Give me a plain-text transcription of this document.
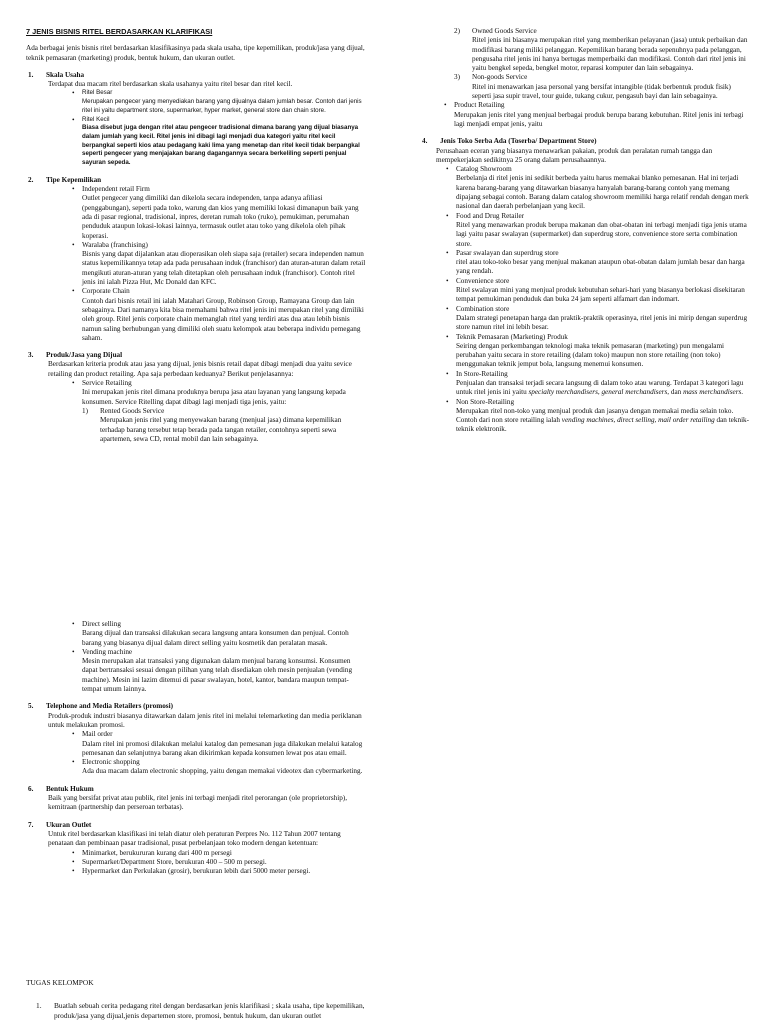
7 JENIS BISNIS RITEL BERDASARKAN KLARIFIKASI

Ada berbagai jenis bisnis ritel berdasarkan klasifikasinya pada skala usaha, tipe kepemilikan, produk/jasa yang dijual, teknik pemasaran (marketing) produk, bentuk hukum, dan ukuran outlet.

1.	Skala Usaha

Terdapat dua macam ritel berdasarkan skala usahanya yaitu ritel besar dan ritel kecil.

•	Ritel Besar
Merupakan pengecer yang menyediakan barang yang dijualnya dalam jumlah besar. Contoh dari jenis ritel ini yaitu department store, supermarker, hyper market, general store dan chain store.
•	Ritel Kecil
Biasa disebut juga dengan ritel atau pengecer tradisional dimana barang yang dijual biasanya dalam jumlah yang kecil. Ritel jenis ini dibagi lagi menjadi dua kategori yaitu ritel kecil berpangkal seperti kios atau pedagang kaki lima yang menetap dan ritel kecil tidak berpangkal seperti pengecer yang menjajakan barang dagangannya secara berkeliling seperti penjual sayuran sepeda.
2.	Tipe Kepemilikan
•	Independent retail Firm
Outlet pengecer yang dimiliki dan dikelola secara independen, tanpa adanya afiliasi (penggabungan), seperti pada toko, warung dan kios yang memiliki lokasi dimanapun baik yang ada di pasar regional, tradisional, inpres, deretan rumah toko (ruko), pemukiman, perumahan penduduk ataupun lokasi-lokasi lainnya, termasuk outlet atau toko yang dikelola oleh pihak koperasi.
•	Waralaba (franchising)
Bisnis yang dapat dijalankan atau dioperasikan oleh siapa saja (retailer) secara independen namun status kepemilikannya tetap ada pada perusahaan induk (franchisor) dan aturan-aturan dalam retail mengikuti aturan-aturan yang telah ditetapkan oleh perusahaan induk (franchisor). Contoh ritel jenis ini ialah Pizza Hut, Mc Donald dan KFC.
•	Corporate Chain
Contoh dari bisnis retail ini ialah Matahari Group, Robinson Group, Ramayana Group dan lain sebagainya. Dari namanya kita bisa memahami bahwa ritel jenis ini merupakan ritel yang dimiliki oleh group. Ritel jenis corporate chain memanglah ritel yang terdiri atas dua atau lebih bisnis namun saling berhubungan yang dimiliki oleh suatu kelompok atau beberapa individu pemegang saham.
3.	Produk/Jasa yang Dijual

Berdasarkan kriteria produk atau jasa yang dijual, jenis bisnis retail dapat dibagi menjadi dua yaitu sevice retailing dan product retailing. Apa saja perbedaan keduanya? Berikut penjelasannya:

•	Service Retailing
Ini merupakan jenis ritel dimana produknya berupa jasa atau layanan yang langsung kepada konsumen. Service Ritelling dapat dibagi lagi menjadi tiga jenis, yaitu:
1)	Rented Goods Service
Merupakan jenis ritel yang menyewakan barang (menjual jasa) dimana kepemilikan terhadap barang tersebut tetap berada pada tangan retailer, contohnya seperti sewa apartemen, sewa CD, rental mobil dan lain sebagainya.
•	Direct selling
Barang dijual dan transaksi dilakukan secara langsung antara konsumen dan penjual. Contoh barang yang biasanya dijual dalam direct selling yaitu kosmetik dan peralatan masak.
•	Vending machine
Mesin merupakan alat transaksi yang digunakan dalam menjual barang konsumsi. Konsumen dapat bertransaksi sesuai dengan pilihan yang telah disediakan oleh mesin penjualan (vending machine). Mesin ini lazim ditemui di pasar swalayan, hotel, kantor, bandara maupun tempat-tempat umum lainnya.
5.	Telephone and Media Retailers (promosi)

Produk-produk industri biasanya ditawarkan dalam jenis ritel ini melalui telemarketing dan media periklanan untuk melakukan promosi.

•	Mail order
Dalam ritel ini promosi dilakukan melalui katalog dan pemesanan juga dilakukan melalui katalog pemesanan dan selanjutnya barang akan dikirimkan kepada konsumen lewat pos atau email.
•	Electronic shopping
Ada dua macam dalam electronic shopping, yaitu dengan memakai videotex dan cybermarketing.
6.	Bentuk Hukum

Baik yang bersifat privat atau publik, ritel jenis ini terbagi menjadi ritel perorangan (ole proprietorship), kemitraan (partnership dan perseroan terbatas).

7.	Ukuran Outlet

Untuk ritel berdasarkan klasifikasi ini telah diatur oleh peraturan Perpres No. 112 Tahun 2007 tentang penataan dan pembinaan pasar tradisional, pusat perbelanjaan toko modern dengan ketentuan:

•	Minimarket, berukururan kurang dari 400 m persegi
•	Supermarket/Department Store, berukuran 400 – 500 m persegi.
•	Hypermarket dan Perkulakan (grosir), berukuran lebih dari 5000 meter persegi.
2)	Owned Goods Service
Ritel jenis ini biasanya merupakan ritel yang memberikan pelayanan (jasa) untuk perbaikan dan modifikasi barang miliki pelanggan. Kepemilikan barang berada sepenuhnya pada pelanggan, pengusaha ritel jenis ini hanya bertugas memperbaiki dan modifikasi. Contoh dari ritel jenis ini yaitu bengkel sepeda, bengkel motor, reparasi komputer dan lain sebagainya.
3)	Non-goods Service
Ritel ini menawarkan jasa personal yang bersifat intangible (tidak berbentuk produk fisik) seperti jasa supir travel, tour guide, tukang cukur, pengasuh bayi dan lain sebagainya.
•	Product Retailing
Merupakan jenis ritel yang menjual berbagai produk berupa barang kebutuhan. Ritel jenis ini terbagi lagi menjadi empat jenis, yaitu
4.	Jenis Toko Serba Ada (Toserba/ Department Store)

Perusahaan eceran yang biasanya menawarkan pakaian, produk dan peralatan rumah tangga dan mempekerjakan sedikitnya 25 orang dalam perusahaannya.

•	Catalog Showroom
Berbelanja di ritel jenis ini sedikit berbeda yaitu harus memakai blanko pemesanan. Hal ini terjadi karena barang-barang yang ditawarkan biasanya hanyalah barang-barang contoh yang memang dipajang sebagai contoh. Barang dalam catalog showroom memiliki harga relatif rendah dengan merk nasional dan daerah perbelanjaan yang kecil.
•	Food and Drug Retailer
Ritel yang menawarkan produk berupa makanan dan obat-obatan ini terbagi menjadi tiga jenis utama lagi yaitu pasar swalayan (supermarket) dan superdrug store, convenience store serta combination store.
•	Pasar swalayan dan superdrug store
ritel atau toko-toko besar yang menjual makanan ataupun obat-obatan dalam jumlah besar dan harga yang rendah.
•	Convenience store
Ritel swalayan mini yang menjual produk kebutuhan sehari-hari yang biasanya berlokasi disekitaran tempat pemukiman penduduk dan buka 24 jam seperti alfamart dan indomart.
•	Combination store
Dalam strategi penetapan harga dan praktik-praktik operasinya, ritel jenis ini mirip dengan superdrug store namun ritel ini lebih besar.
•	Teknik Pemasaran (Marketing) Produk
Seiring dengan perkembangan teknologi maka teknik pemasaran (marketing) pun mengalami perubahan yaitu secara in store retailing (dalam toko) maupun non store retailing (non toko) menggunakan teknik jemput bola, langsung menemui konsumen.
•	In Store-Retailing
Penjualan dan transaksi terjadi secara langsung di dalam toko atau warung. Terdapat 3 kategori lagu untuk ritel jenis ini yaitu specialty merchandisers, general merchandisers, dan mass merchandisers.
•	Non Store-Retailing
Merupakan ritel non-toko yang menjual produk dan jasanya dengan memakai media selain toko. Contoh dari non store retailing ialah vending machines, direct selling, mail order retailing dan teknik-teknik elektronik.
TUGAS KELOMPOK
1.	Buatlah sebuah cerita pedagang ritel dengan berdasarkan jenis klarifikasi ; skala usaha, tipe kepemilikan, produk/jasa yang dijual,jenis departemen store, promosi, bentuk hukum, dan ukuran outlet
